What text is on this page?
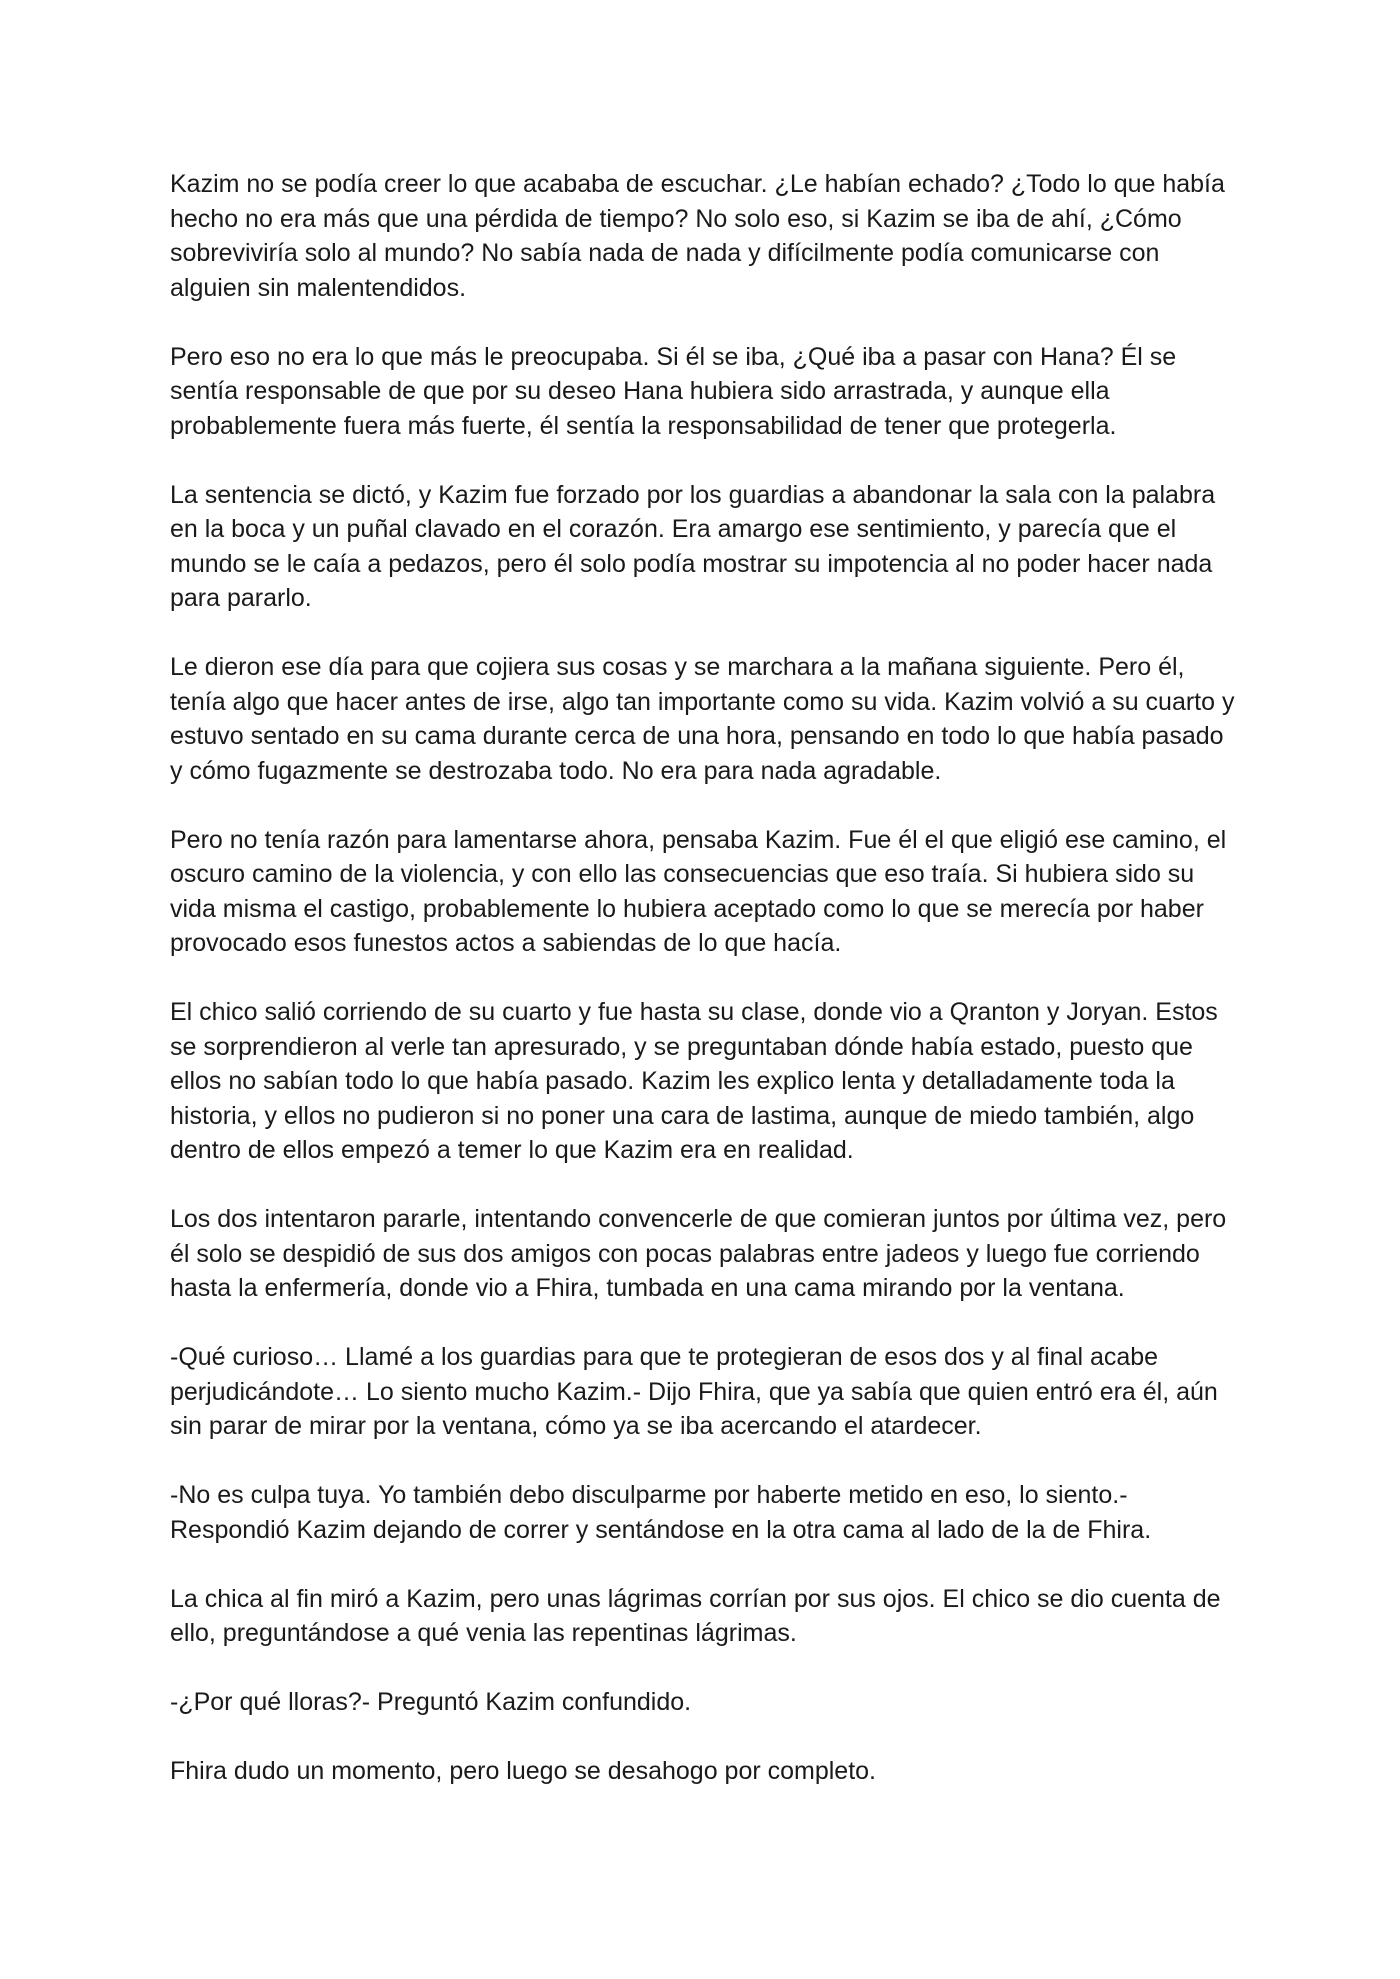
Kazim no se podía creer lo que acababa de escuchar. ¿Le habían echado? ¿Todo lo que había hecho no era más que una pérdida de tiempo? No solo eso, si Kazim se iba de ahí, ¿Cómo sobreviviría solo al mundo? No sabía nada de nada y difícilmente podía comunicarse con alguien sin malentendidos.

Pero eso no era lo que más le preocupaba. Si él se iba, ¿Qué iba a pasar con Hana? Él se sentía responsable de que por su deseo Hana hubiera sido arrastrada, y aunque ella probablemente fuera más fuerte, él sentía la responsabilidad de tener que protegerla.

La sentencia se dictó, y Kazim fue forzado por los guardias a abandonar la sala con la palabra en la boca y un puñal clavado en el corazón. Era amargo ese sentimiento, y parecía que el mundo se le caía a pedazos, pero él solo podía mostrar su impotencia al no poder hacer nada para pararlo.

Le dieron ese día para que cojiera sus cosas y se marchara a la mañana siguiente. Pero él, tenía algo que hacer antes de irse, algo tan importante como su vida. Kazim volvió a su cuarto y estuvo sentado en su cama durante cerca de una hora, pensando en todo lo que había pasado y cómo fugazmente se destrozaba todo. No era para nada agradable.

Pero no tenía razón para lamentarse ahora, pensaba Kazim. Fue él el que eligió ese camino, el oscuro camino de la violencia, y con ello las consecuencias que eso traía. Si hubiera sido su vida misma el castigo, probablemente lo hubiera aceptado como lo que se merecía por haber provocado esos funestos actos a sabiendas de lo que hacía.

El chico salió corriendo de su cuarto y fue hasta su clase, donde vio a Qranton y Joryan. Estos se sorprendieron al verle tan apresurado, y se preguntaban dónde había estado, puesto que ellos no sabían todo lo que había pasado. Kazim les explico lenta y detalladamente toda la historia, y ellos no pudieron si no poner una cara de lastima, aunque de miedo también, algo dentro de ellos empezó a temer lo que Kazim era en realidad.

Los dos intentaron pararle, intentando convencerle de que comieran juntos por última vez, pero él solo se despidió de sus dos amigos con pocas palabras entre jadeos y luego fue corriendo hasta la enfermería, donde vio a Fhira, tumbada en una cama mirando por la ventana.

-Qué curioso… Llamé a los guardias para que te protegieran de esos dos y al final acabe perjudicándote… Lo siento mucho Kazim.- Dijo Fhira, que ya sabía que quien entró era él, aún sin parar de mirar por la ventana, cómo ya se iba acercando el atardecer.

-No es culpa tuya. Yo también debo disculparme por haberte metido en eso, lo siento.- Respondió Kazim dejando de correr y sentándose en la otra cama al lado de la de Fhira.

La chica al fin miró a Kazim, pero unas lágrimas corrían por sus ojos. El chico se dio cuenta de ello, preguntándose a qué venia las repentinas lágrimas.

-¿Por qué lloras?- Preguntó Kazim confundido.

Fhira dudo un momento, pero luego se desahogo por completo.
